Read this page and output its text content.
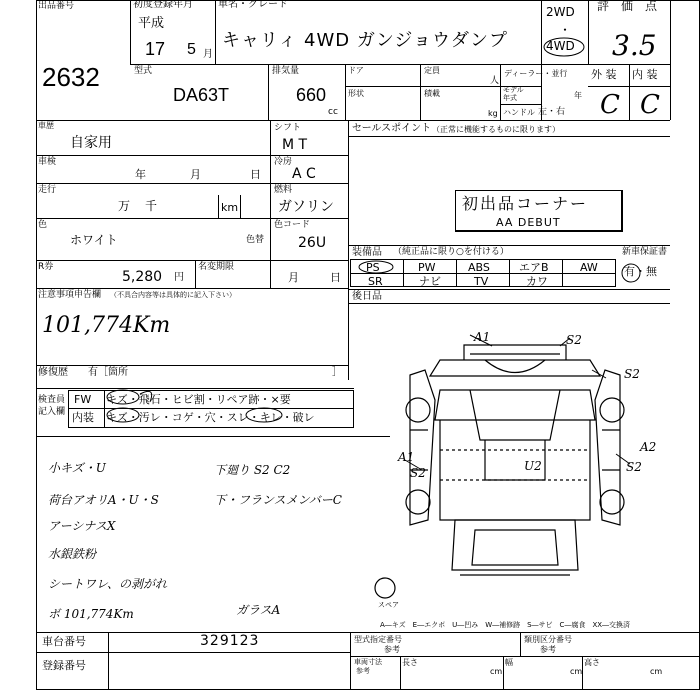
出品番号
2632
初度登録年月
平成
17 5 月
車名・グレード
キャリィ 4WD ガンジョウダンプ
2WD
・
4WD
評　価　点
3.5
外 装 内 装
C C
型式
DA63T
排気量
660
cc
ドア	定員
人
ディーラー・並行
形状	積載
kg
モデル
年式	年
ハンドル 左・右
車歴
自家用
シフト
M T
車検
年	月	日
冷房
A C
走行
万 千	km
燃料
ガソリン
色
ホワイト	色替
色コード
26U
R券
5,280 円
名変期限
月	日
注意事項申告欄 （不具合内容等は具体的に記入下さい）
101,774Km
修復歴 有［箇所	］
検査員
記入欄
FW キズ・飛石・ヒビ割・リペア跡・×要
内装 キズ・汚レ・コゲ・穴・スレ・キレ・破レ
セールスポイント （正常に機能するものに限ります）
初出品コーナー
AA DEBUT
装備品 （純正品に限り○を付ける）	新車保証書
PS	PW	ABS	エアB	AW
SR	ナビ	TV	カワ
有・無
後日品
A1	S2
S2
A2
U2
A1
S2	S2
スペア
A―キズ　E―エクボ　U―凹み　W―補修跡　S―サビ　C―腐食　XX―交換済
小キズ・U
荷台アオリA・U・S
アーシナスX
水銀鉄粉
シートワレ、の剥がれ
ボ 101,774Km
下廻り S2 C2
下・フランスメンバーC
ガラスA
車台番号	329123
登録番号
型式指定番号
参考
類別区分番号
参考
車両寸法
参考
長さ
cm
幅
cm
高さ
cm
